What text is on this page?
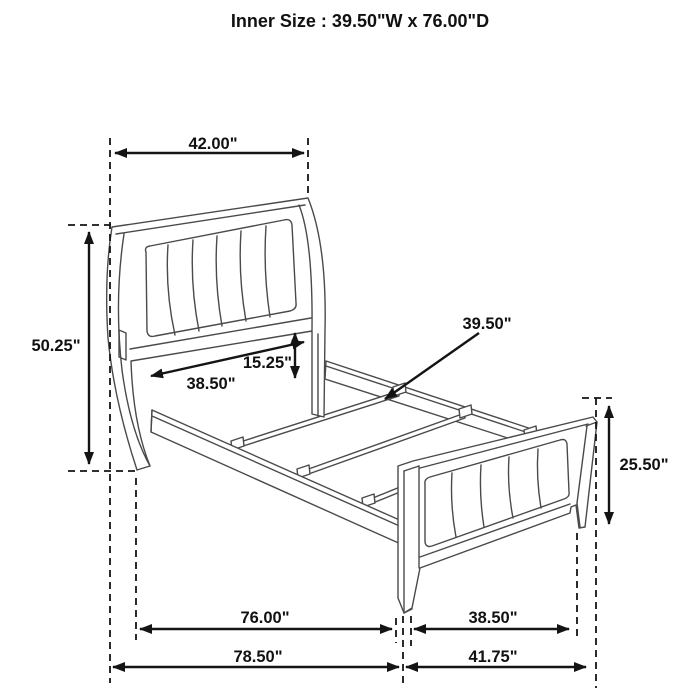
42.00"
50.25"
38.50"
15.25"
39.50"
25.50"
76.00"
78.50"
38.50"
41.75"
Inner Size : 39.50"W x 76.00"D
